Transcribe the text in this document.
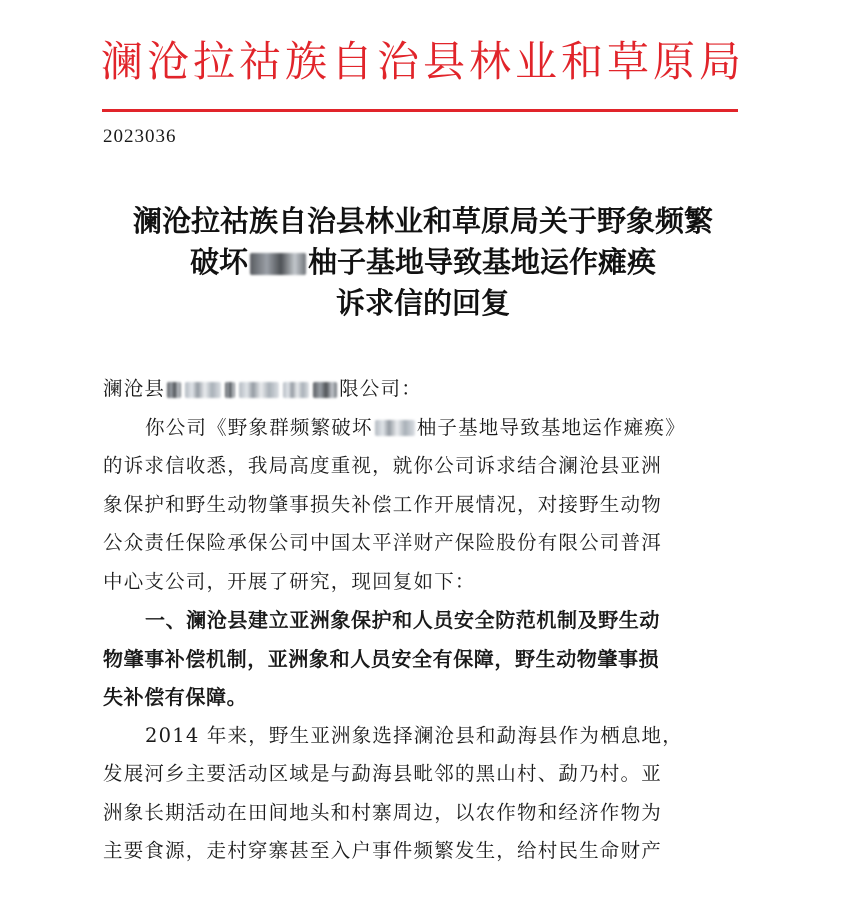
澜沧拉祜族自治县林业和草原局
2023036
澜沧拉祜族自治县林业和草原局关于野象频繁
破坏 柚子基地导致基地运作瘫痪
诉求信的回复

澜沧县	限公司：

你公司《野象群频繁破坏 柚子基地导致基地运作瘫痪》

的诉求信收悉，我局高度重视，就你公司诉求结合澜沧县亚洲

象保护和野生动物肇事损失补偿工作开展情况，对接野生动物

公众责任保险承保公司中国太平洋财产保险股份有限公司普洱

中心支公司，开展了研究，现回复如下：

一、澜沧县建立亚洲象保护和人员安全防范机制及野生动

物肇事补偿机制，亚洲象和人员安全有保障，野生动物肇事损

失补偿有保障。

2014 年来，野生亚洲象选择澜沧县和勐海县作为栖息地，

发展河乡主要活动区域是与勐海县毗邻的黑山村、勐乃村。亚

洲象长期活动在田间地头和村寨周边，以农作物和经济作物为

主要食源，走村穿寨甚至入户事件频繁发生，给村民生命财产
